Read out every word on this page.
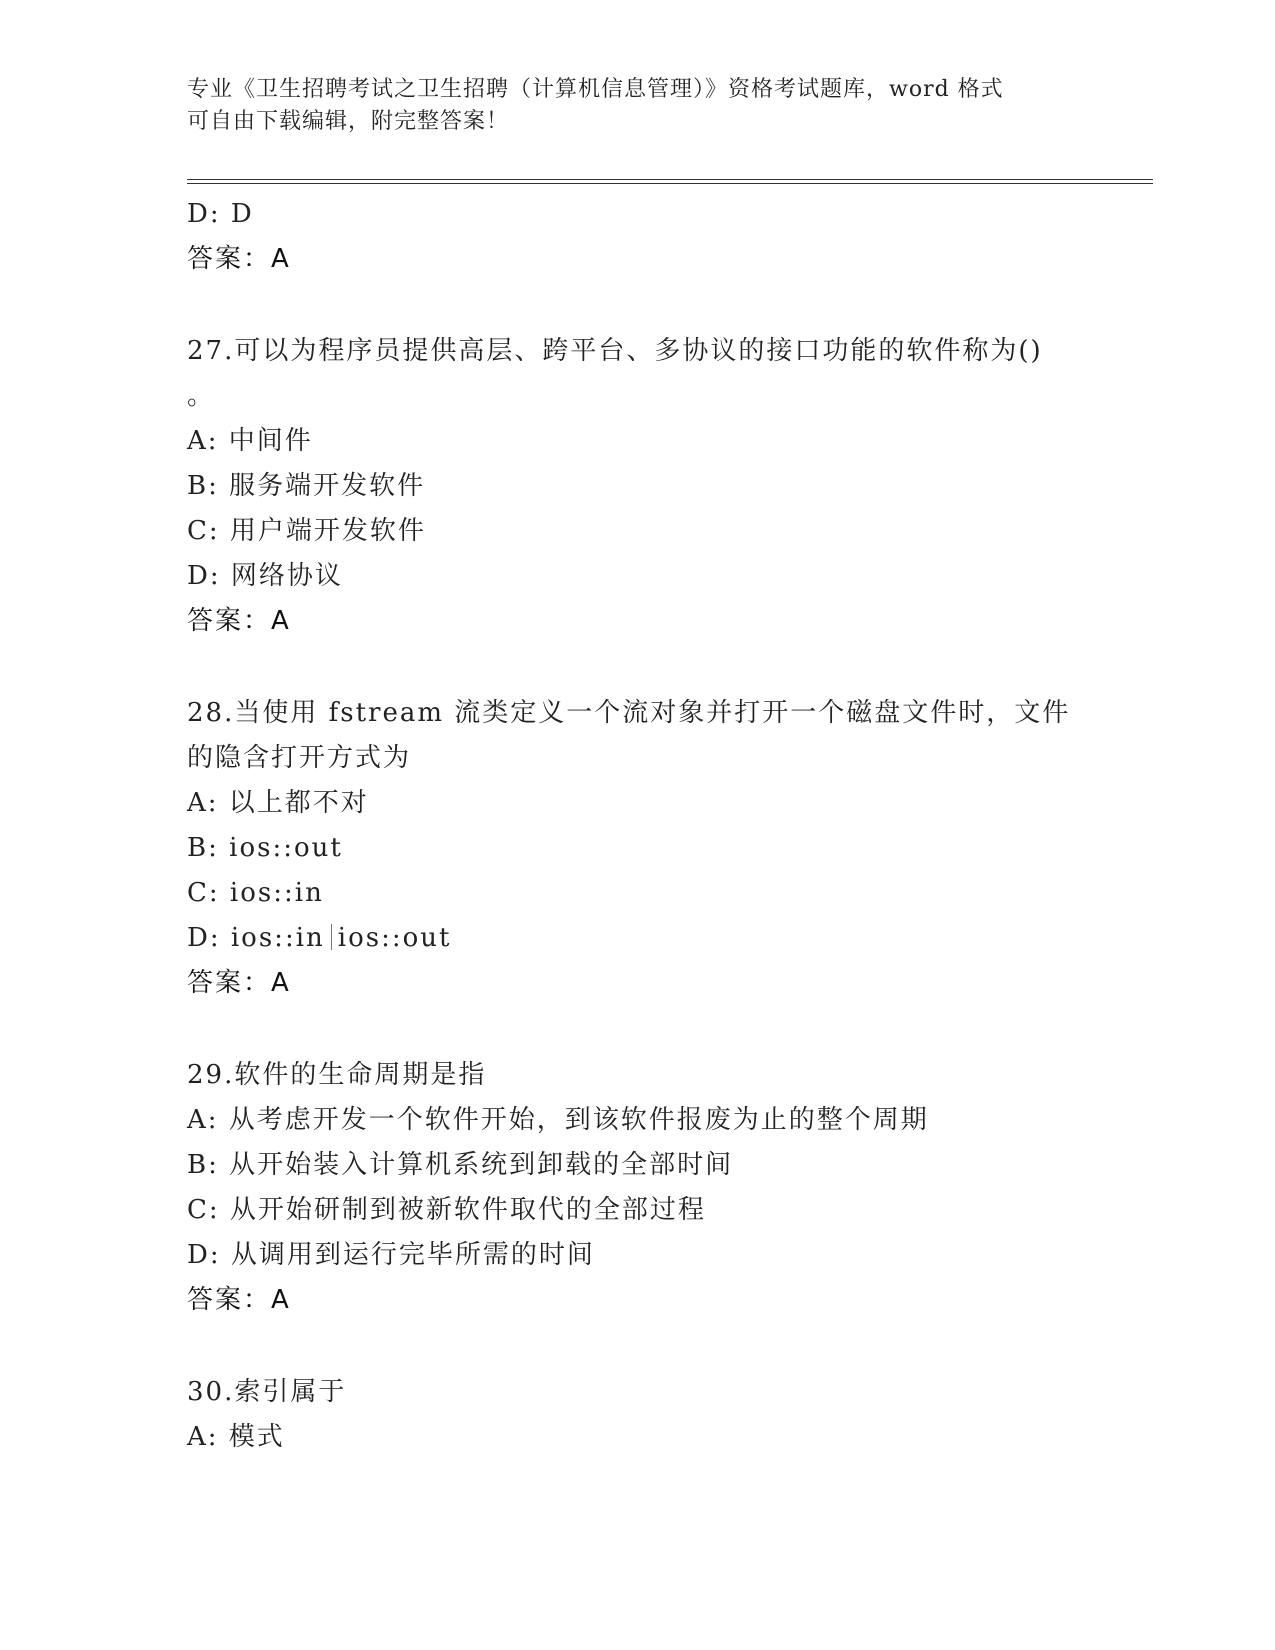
专业《卫生招聘考试之卫生招聘（计算机信息管理）》资格考试题库，word 格式
可自由下载编辑，附完整答案！
D: D
答案：A
27.可以为程序员提供高层、跨平台、多协议的接口功能的软件称为()
。
A: 中间件
B: 服务端开发软件
C: 用户端开发软件
D: 网络协议
答案：A
28.当使用 fstream 流类定义一个流对象并打开一个磁盘文件时，文件
的隐含打开方式为
A: 以上都不对
B: ios::out
C: ios::in
D: ios::in ios::out
答案：A
29.软件的生命周期是指
A: 从考虑开发一个软件开始，到该软件报废为止的整个周期
B: 从开始装入计算机系统到卸载的全部时间
C: 从开始研制到被新软件取代的全部过程
D: 从调用到运行完毕所需的时间
答案：A
30.索引属于
A: 模式
